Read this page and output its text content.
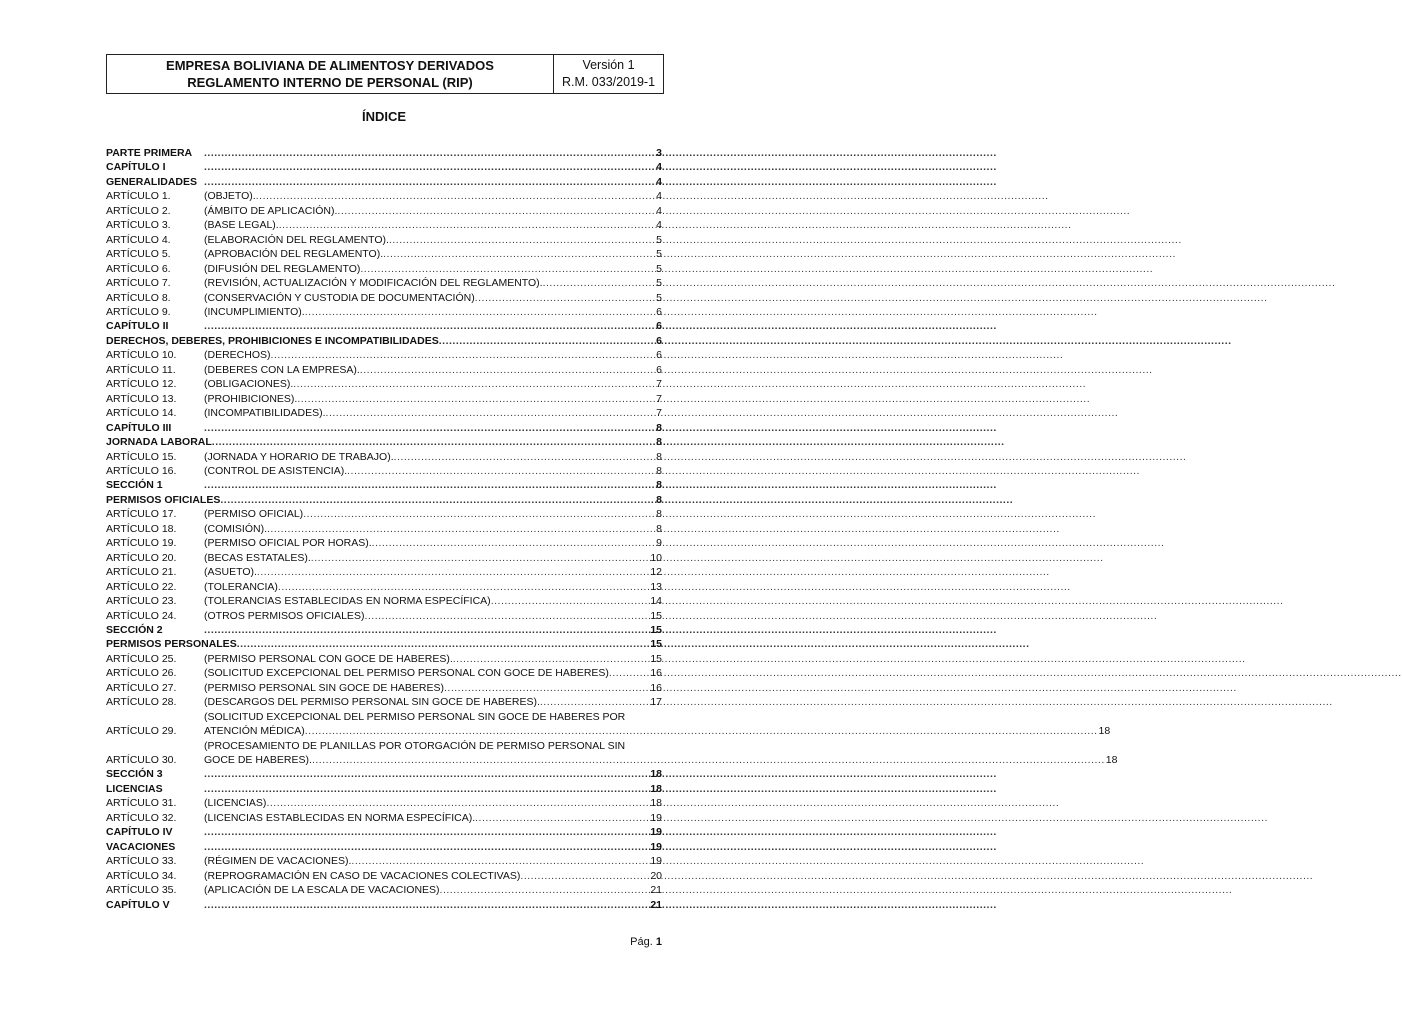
EMPRESA BOLIVIANA DE ALIMENTOSY DERIVADOS
REGLAMENTO INTERNO DE PERSONAL (RIP)

Versión 1
R.M. 033/2019-1
ÍNDICE
PARTE PRIMERA .....	3
CAPÍTULO I .....	4
GENERALIDADES .....	4
ARTÍCULO 1.	(OBJETO). .....	4
ARTÍCULO 2.	(ÁMBITO DE APLICACIÓN). .....	4
ARTÍCULO 3.	(BASE LEGAL). .....	4
ARTÍCULO 4.	(ELABORACIÓN DEL REGLAMENTO). .....	5
ARTÍCULO 5.	(APROBACIÓN DEL REGLAMENTO). .....	5
ARTÍCULO 6.	(DIFUSIÓN DEL REGLAMENTO) .....	5
ARTÍCULO 7.	(REVISIÓN, ACTUALIZACIÓN Y MODIFICACIÓN DEL REGLAMENTO). .....	5
ARTÍCULO 8.	(CONSERVACIÓN Y CUSTODIA DE DOCUMENTACIÓN) .....	5
ARTÍCULO 9.	(INCUMPLIMIENTO). .....	6
CAPÍTULO II .....	6
DERECHOS, DEBERES, PROHIBICIONES E INCOMPATIBILIDADES .....	6
ARTÍCULO 10.	(DERECHOS) .....	6
ARTÍCULO 11.	(DEBERES CON LA EMPRESA). .....	6
ARTÍCULO 12.	(OBLIGACIONES). .....	7
ARTÍCULO 13.	(PROHIBICIONES). .....	7
ARTÍCULO 14.	(INCOMPATIBILIDADES). .....	7
CAPÍTULO III .....	8
JORNADA LABORAL .....	8
ARTÍCULO 15.	(JORNADA Y HORARIO DE TRABAJO). .....	8
ARTÍCULO 16.	(CONTROL DE ASISTENCIA). .....	8
SECCIÓN 1 .....	8
PERMISOS OFICIALES .....	8
ARTÍCULO 17.	(PERMISO OFICIAL) .....	8
ARTÍCULO 18.	(COMISIÓN). .....	8
ARTÍCULO 19.	(PERMISO OFICIAL POR HORAS). .....	9
ARTÍCULO 20.	(BECAS ESTATALES). .....	10
ARTÍCULO 21.	(ASUETO). .....	12
ARTÍCULO 22.	(TOLERANCIA) .....	13
ARTÍCULO 23.	(TOLERANCIAS ESTABLECIDAS EN NORMA ESPECÍFICA) .....	14
ARTÍCULO 24.	(OTROS PERMISOS OFICIALES) .....	15
SECCIÓN 2 .....	15
PERMISOS PERSONALES .....	15
ARTÍCULO 25.	(PERMISO PERSONAL CON GOCE DE HABERES). .....	15
ARTÍCULO 26.	(SOLICITUD EXCEPCIONAL DEL PERMISO PERSONAL CON GOCE DE HABERES) .....	16
ARTÍCULO 27.	(PERMISO PERSONAL SIN GOCE DE HABERES) .....	16
ARTÍCULO 28.	(DESCARGOS DEL PERMISO PERSONAL SIN GOCE DE HABERES). .....	17
ARTÍCULO 29.
(SOLICITUD EXCEPCIONAL DEL PERMISO PERSONAL SIN GOCE DE HABERES POR
ATENCIÓN MÉDICA) .....	18
ARTÍCULO 30.
(PROCESAMIENTO DE PLANILLAS POR OTORGACIÓN DE PERMISO PERSONAL SIN
GOCE DE HABERES). .....	18
SECCIÓN 3 .....	18
LICENCIAS .....	18
ARTÍCULO 31.	(LICENCIAS) .....	18
ARTÍCULO 32.	(LICENCIAS ESTABLECIDAS EN NORMA ESPECÍFICA). .....	19
CAPÍTULO IV .....	19
VACACIONES .....	19
ARTÍCULO 33.	(RÉGIMEN DE VACACIONES). .....	19
ARTÍCULO 34.	(REPROGRAMACIÓN EN CASO DE VACACIONES COLECTIVAS) .....	20
ARTÍCULO 35.	(APLICACIÓN DE LA ESCALA DE VACACIONES) .....	21
CAPÍTULO V .....	21
Pág. 1
